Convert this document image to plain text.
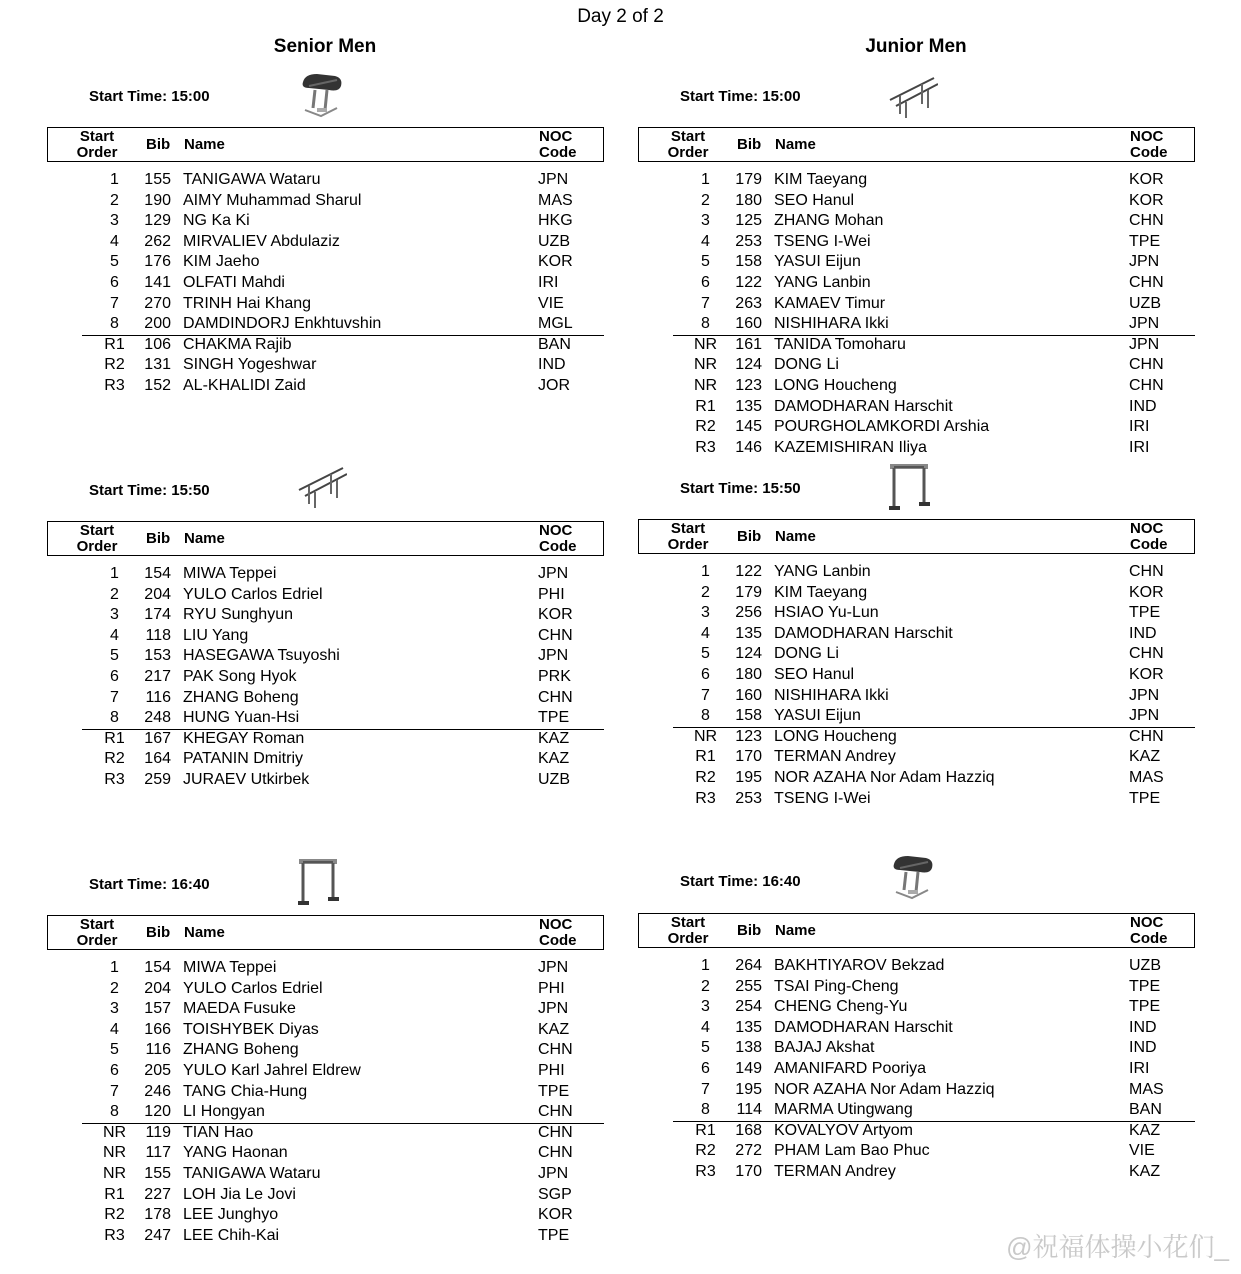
Day 2 of 2
Senior Men	Junior Men
Start Time: 15:00
Start
Order Bib Name	NOC
Code
1	155 TANIGAWA Wataru	JPN
2	190 AIMY Muhammad Sharul	MAS
3	129 NG Ka Ki	HKG
4	262 MIRVALIEV Abdulaziz	UZB
5	176 KIM Jaeho	KOR
6	141 OLFATI Mahdi	IRI
7	270 TRINH Hai Khang	VIE
8	200 DAMDINDORJ Enkhtuvshin	MGL
R1	106 CHAKMA Rajib	BAN
R2	131 SINGH Yogeshwar	IND
R3	152 AL-KHALIDI Zaid	JOR
Start Time: 15:50
Start
Order Bib Name	NOC
Code
1	154 MIWA Teppei	JPN
2	204 YULO Carlos Edriel	PHI
3	174 RYU Sunghyun	KOR
4	118 LIU Yang	CHN
5	153 HASEGAWA Tsuyoshi	JPN
6	217 PAK Song Hyok	PRK
7	116 ZHANG Boheng	CHN
8	248 HUNG Yuan-Hsi	TPE
R1	167 KHEGAY Roman	KAZ
R2	164 PATANIN Dmitriy	KAZ
R3	259 JURAEV Utkirbek	UZB
Start Time: 16:40
Start
Order Bib Name	NOC
Code
1	154 MIWA Teppei	JPN
2	204 YULO Carlos Edriel	PHI
3	157 MAEDA Fusuke	JPN
4	166 TOISHYBEK Diyas	KAZ
5	116 ZHANG Boheng	CHN
6	205 YULO Karl Jahrel Eldrew	PHI
7	246 TANG Chia-Hung	TPE
8	120 LI Hongyan	CHN
NR	119 TIAN Hao	CHN
NR	117 YANG Haonan	CHN
NR	155 TANIGAWA Wataru	JPN
R1	227 LOH Jia Le Jovi	SGP
R2	178 LEE Junghyo	KOR
R3	247 LEE Chih-Kai	TPE
Start Time: 15:00
Start
Order Bib Name	NOC
Code
1	179 KIM Taeyang	KOR
2	180 SEO Hanul	KOR
3	125 ZHANG Mohan	CHN
4	253 TSENG I-Wei	TPE
5	158 YASUI Eijun	JPN
6	122 YANG Lanbin	CHN
7	263 KAMAEV Timur	UZB
8	160 NISHIHARA Ikki	JPN
NR	161 TANIDA Tomoharu	JPN
NR	124 DONG Li	CHN
NR	123 LONG Houcheng	CHN
R1	135 DAMODHARAN Harschit	IND
R2	145 POURGHOLAMKORDI Arshia	IRI
R3	146 KAZEMISHIRAN Iliya	IRI
Start Time: 15:50
Start
Order Bib Name	NOC
Code
1	122 YANG Lanbin	CHN
2	179 KIM Taeyang	KOR
3	256 HSIAO Yu-Lun	TPE
4	135 DAMODHARAN Harschit	IND
5	124 DONG Li	CHN
6	180 SEO Hanul	KOR
7	160 NISHIHARA Ikki	JPN
8	158 YASUI Eijun	JPN
NR	123 LONG Houcheng	CHN
R1	170 TERMAN Andrey	KAZ
R2	195 NOR AZAHA Nor Adam Hazziq	MAS
R3	253 TSENG I-Wei	TPE
Start Time: 16:40
Start
Order Bib Name	NOC
Code
1	264 BAKHTIYAROV Bekzad	UZB
2	255 TSAI Ping-Cheng	TPE
3	254 CHENG Cheng-Yu	TPE
4	135 DAMODHARAN Harschit	IND
5	138 BAJAJ Akshat	IND
6	149 AMANIFARD Pooriya	IRI
7	195 NOR AZAHA Nor Adam Hazziq	MAS
8	114 MARMA Utingwang	BAN
R1	168 KOVALYOV Artyom	KAZ
R2	272 PHAM Lam Bao Phuc	VIE
R3	170 TERMAN Andrey	KAZ
@祝福体操小花们_
